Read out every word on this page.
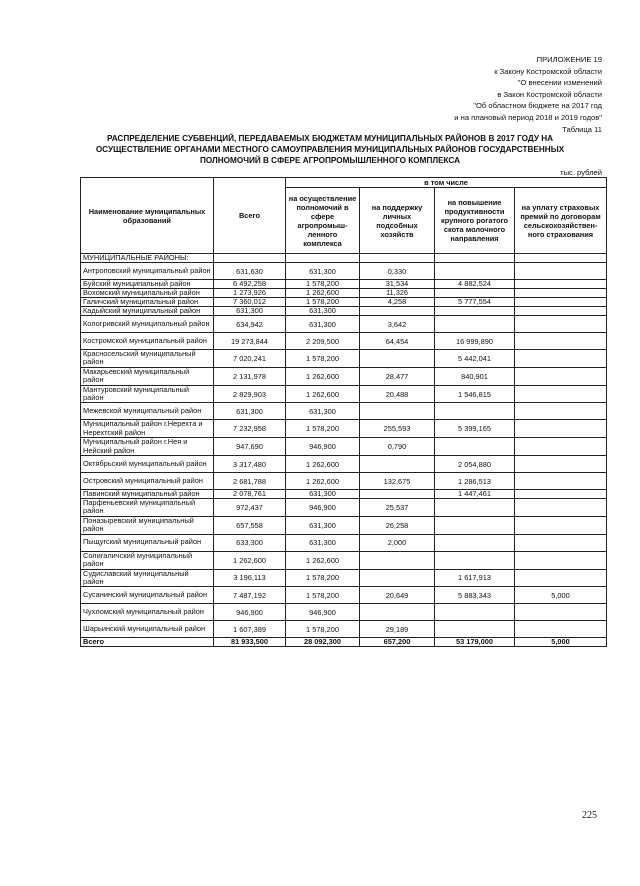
ПРИЛОЖЕНИЕ 19
к Закону Костромской области
"О внесении изменений
в Закон Костромской области
"Об областном бюджете на 2017 год
и на плановый период 2018 и 2019 годов"
Таблица 11
РАСПРЕДЕЛЕНИЕ СУБВЕНЦИЙ, ПЕРЕДАВАЕМЫХ БЮДЖЕТАМ МУНИЦИПАЛЬНЫХ РАЙОНОВ В 2017 ГОДУ НА
ОСУЩЕСТВЛЕНИЕ ОРГАНАМИ МЕСТНОГО САМОУПРАВЛЕНИЯ МУНИЦИПАЛЬНЫХ РАЙОНОВ ГОСУДАРСТВЕННЫХ
ПОЛНОМОЧИЙ В СФЕРЕ АГРОПРОМЫШЛЕННОГО КОМПЛЕКСА
тыс. рублей
Наименование муниципальных образований	Всего	в том числе			
		на осуществление полномочий в сфере агропромыш-ленного комплекса	на поддержку личных подсобных хозяйств	на повышение продуктивности крупного рогатого скота молочного направления	на уплату страховых премий по договорам сельскохозяйствен-ного страхования
МУНИЦИПАЛЬНЫЕ РАЙОНЫ:					
Антроповский муниципальный район	631,630	631,300	0,330		
Буйский муниципальный район	6 492,258	1 578,200	31,534	4 882,524	
Вохомский муниципальный район	1 273,926	1 262,600	11,326		
Галичский муниципальный район	7 360,012	1 578,200	4,258	5 777,554	
Кадыйский муниципальный район	631,300	631,300			
Кологривский муниципальный район	634,942	631,300	3,642		
Костромской муниципальный район	19 273,844	2 209,500	64,454	16 999,890	
Красносельский муниципальный район	7 020,241	1 578,200		5 442,041	
Макарьевский муниципальный район	2 131,978	1 262,600	28,477	840,901	
Мантуровский муниципальный район	2 829,903	1 262,600	20,488	1 546,815	
Межевской муниципальный район	631,300	631,300			
Муниципальный район г.Нерехта и Нерехтский район	7 232,958	1 578,200	255,593	5 399,165	
Муниципальный район г.Нея и Нейский район	947,690	946,900	0,790		
Октябрьский муниципальный район	3 317,480	1 262,600		2 054,880	
Островский муниципальный район	2 681,788	1 262,600	132,675	1 286,513	
Павинский муниципальный район	2 078,761	631,300		1 447,461	
Парфеньевский муниципальный район	972,437	946,900	25,537		
Поназыревский муниципальный район	657,558	631,300	26,258		
Пыщугский муниципальный район	633,300	631,300	2,000		
Солигаличский муниципальный район	1 262,600	1 262,600			
Судиславский муниципальный район	3 196,113	1 578,200		1 617,913	
Сусанинский муниципальный район	7 487,192	1 578,200	20,649	5 883,343	5,000
Чухломский муниципальный район	946,900	946,900			
Шарьинский муниципальный район	1 607,389	1 578,200	29,189		
Всего	81 933,500	28 092,300	657,200	53 179,000	5,000
225
